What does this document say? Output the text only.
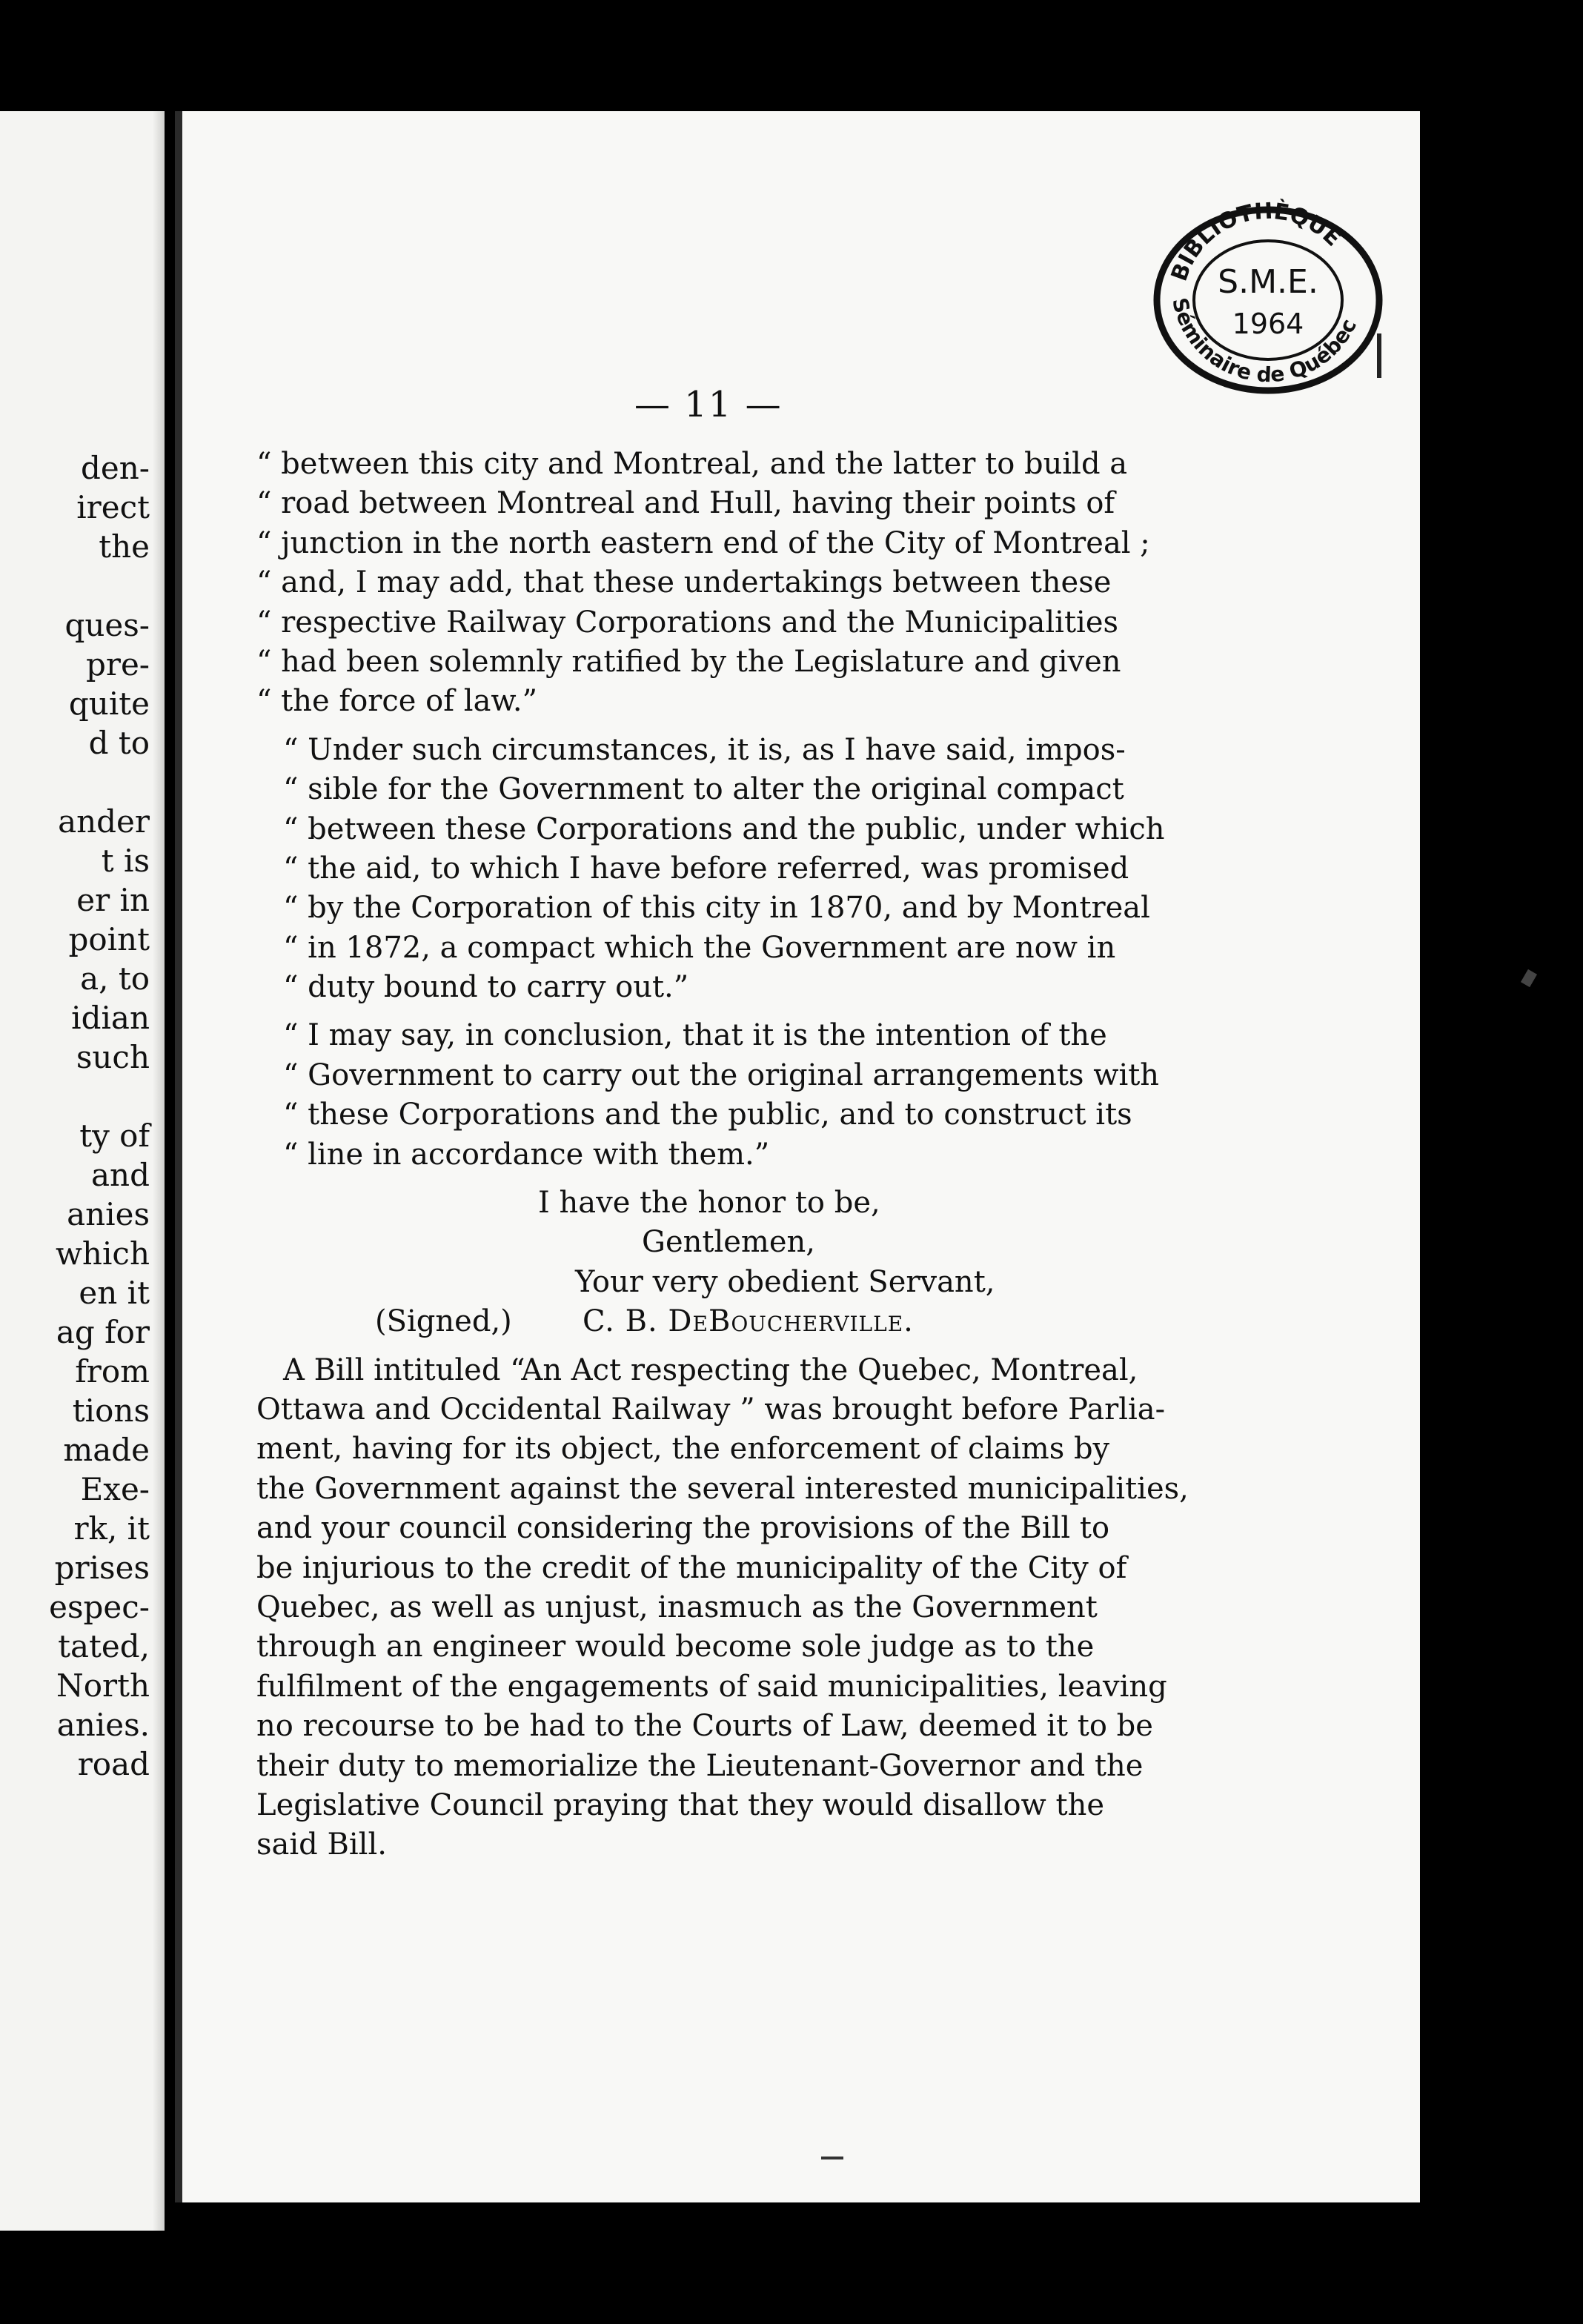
den-
irect
the
ques-
pre-
quite
d to
ander
t is
er in
point
a, to
idian
such
ty of
and
anies
which
en it
ag for
from
tions
made
Exe-
rk, it
prises
espec-
tated,
North
anies.
road
BIBLIOTHÈQUE
Séminaire de Québec
S.M.E.
1964
— 11 —
“ between this city and Montreal, and the latter to build a
“ road between Montreal and Hull, having their points of
“ junction in the north eastern end of the City of Montreal ;
“ and, I may add, that these undertakings between these
“ respective Railway Corporations and the Municipalities
“ had been solemnly ratified by the Legislature and given
“ the force of law.”
“ Under such circumstances, it is, as I have said, impos-
“ sible for the Government to alter the original compact
“ between these Corporations and the public, under which
“ the aid, to which I have before referred, was promised
“ by the Corporation of this city in 1870, and by Montreal
“ in 1872, a compact which the Government are now in
“ duty bound to carry out.”
“ I may say, in conclusion, that it is the intention of the
“ Government to carry out the original arrangements with
“ these Corporations and the public, and to construct its
“ line in accordance with them.”
I have the honor to be,
Gentlemen,
Your very obedient Servant,
(Signed,) C. B. DeBoucherville.
A Bill intituled “An Act respecting the Quebec, Montreal,
Ottawa and Occidental Railway ” was brought before Parlia-
ment, having for its object, the enforcement of claims by
the Government against the several interested municipalities,
and your council considering the provisions of the Bill to
be injurious to the credit of the municipality of the City of
Quebec, as well as unjust, inasmuch as the Government
through an engineer would become sole judge as to the
fulfilment of the engagements of said municipalities, leaving
no recourse to be had to the Courts of Law, deemed it to be
their duty to memorialize the Lieutenant-Governor and the
Legislative Council praying that they would disallow the
said Bill.
